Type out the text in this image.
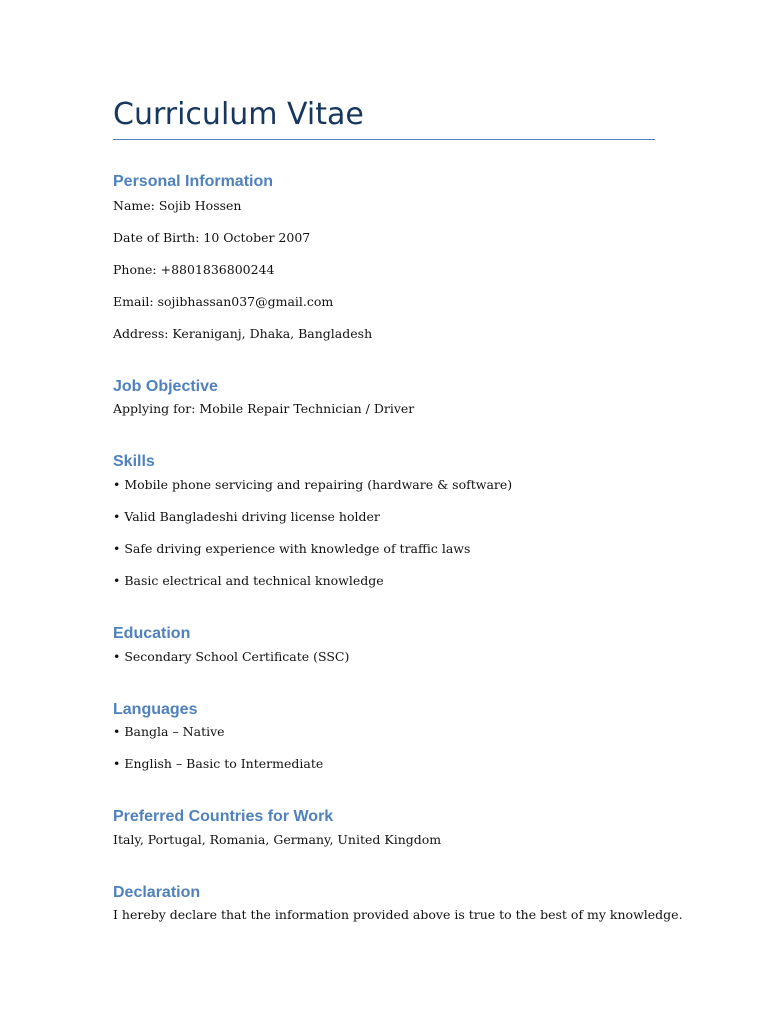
Curriculum Vitae
Personal Information
Name: Sojib Hossen
Date of Birth: 10 October 2007
Phone: +8801836800244
Email: sojibhassan037@gmail.com
Address: Keraniganj, Dhaka, Bangladesh
Job Objective
Applying for: Mobile Repair Technician / Driver
Skills
• Mobile phone servicing and repairing (hardware & software)
• Valid Bangladeshi driving license holder
• Safe driving experience with knowledge of traffic laws
• Basic electrical and technical knowledge
Education
• Secondary School Certificate (SSC)
Languages
• Bangla – Native
• English – Basic to Intermediate
Preferred Countries for Work
Italy, Portugal, Romania, Germany, United Kingdom
Declaration
I hereby declare that the information provided above is true to the best of my knowledge.
